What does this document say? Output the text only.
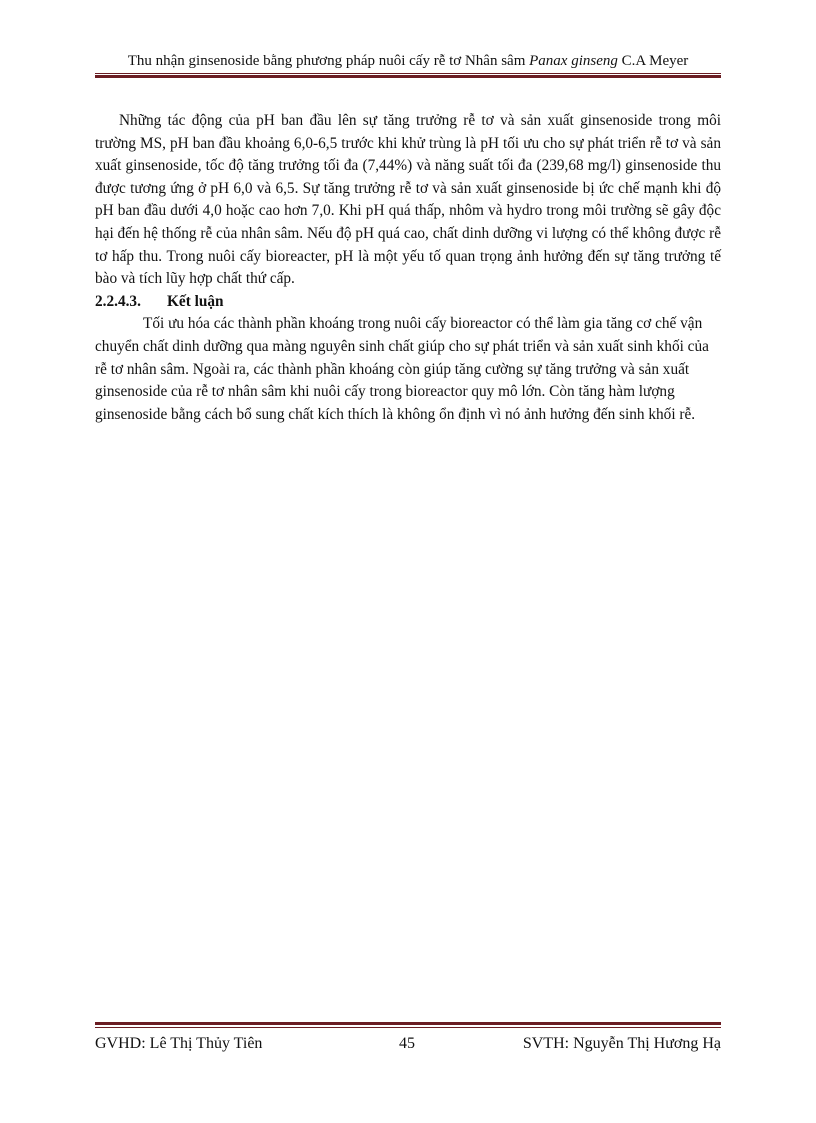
Thu nhận ginsenoside bằng phương pháp nuôi cấy rễ tơ Nhân sâm Panax ginseng C.A Meyer

Những tác động của pH ban đầu lên sự tăng trưởng rễ tơ và sản xuất ginsenoside trong môi trường MS, pH ban đầu khoảng 6,0-6,5 trước khi khử trùng là pH tối ưu cho sự phát triển rễ tơ và sản xuất ginsenoside, tốc độ tăng trưởng tối đa (7,44%) và năng suất tối đa (239,68 mg/l) ginsenoside thu được tương ứng ở pH 6,0 và 6,5. Sự tăng trưởng rễ tơ và sản xuất ginsenoside bị ức chế mạnh khi độ pH ban đầu dưới 4,0 hoặc cao hơn 7,0. Khi pH quá thấp, nhôm và hydro trong môi trường sẽ gây độc hại đến hệ thống rễ của nhân sâm. Nếu độ pH quá cao, chất dinh dưỡng vi lượng có thể không được rễ tơ hấp thu. Trong nuôi cấy bioreacter, pH là một yếu tố quan trọng ảnh hưởng đến sự tăng trưởng tế bào và tích lũy hợp chất thứ cấp.

2.2.4.3. Kết luận

Tối ưu hóa các thành phần khoáng trong nuôi cấy bioreactor có thể làm gia tăng cơ chế vận chuyển chất dinh dưỡng qua màng nguyên sinh chất giúp cho sự phát triển và sản xuất sinh khối của rễ tơ nhân sâm. Ngoài ra, các thành phần khoáng còn giúp tăng cường sự tăng trưởng và sản xuất ginsenoside của rễ tơ nhân sâm khi nuôi cấy trong bioreactor quy mô lớn. Còn tăng hàm lượng ginsenoside bằng cách bổ sung chất kích thích là không ổn định vì nó ảnh hưởng đến sinh khối rễ.

GVHD: Lê Thị Thủy Tiên	45	SVTH: Nguyễn Thị Hương Hạ
